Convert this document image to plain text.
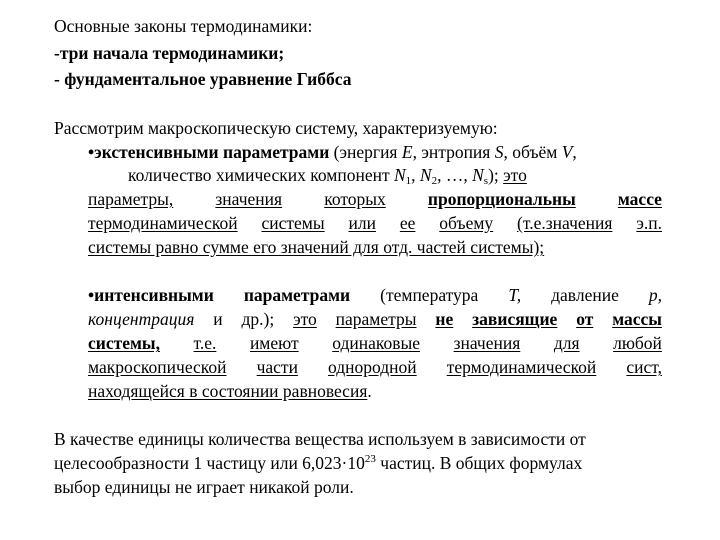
Основные законы термодинамики:
-три начала термодинамики;
- фундаментальное уравнение Гиббса
Рассмотрим макроскопическую систему, характеризуемую:
•экстенсивными параметрами (энергия E, энтропия S, объём V,
количество химических компонент $N_1$, $N_2$, …, $N_s$); это
параметры, значения которых пропорциональны массе
термодинамической системы или ее объему (т.е.значения э.п.
системы равно сумме его значений для отд. частей системы);
•интенсивными параметрами (температура T, давление p,
концентрация и др.); это параметры не зависящие от массы
системы, т.е. имеют одинаковые значения для любой
макроскопической части однородной термодинамической сист,
находящейся в состоянии равновесия.
В качестве единицы количества вещества используем в зависимости от
целесообразности 1 частицу или $6,023\cdot 10^{23}$ частиц. В общих формулах
выбор единицы не играет никакой роли.
